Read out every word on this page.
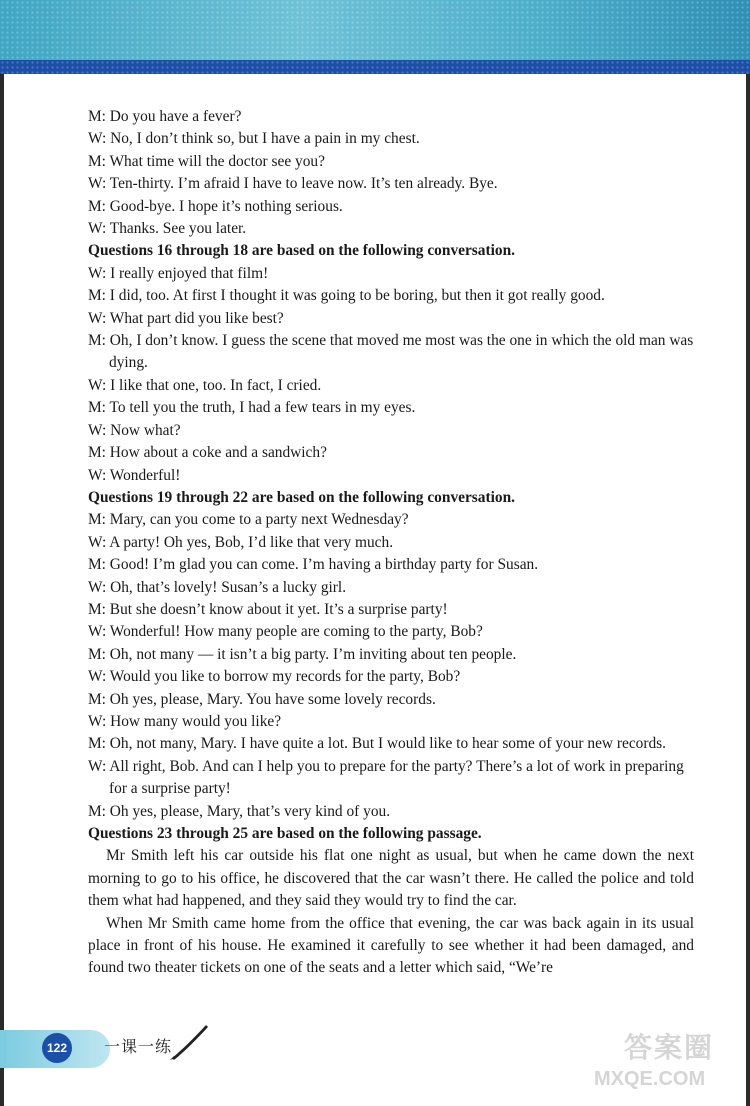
M: Do you have a fever?
W: No, I don’t think so, but I have a pain in my chest.
M: What time will the doctor see you?
W: Ten-thirty. I’m afraid I have to leave now. It’s ten already. Bye.
M: Good-bye. I hope it’s nothing serious.
W: Thanks. See you later.
Questions 16 through 18 are based on the following conversation.
W: I really enjoyed that film!
M: I did, too. At first I thought it was going to be boring, but then it got really good.
W: What part did you like best?
M: Oh, I don’t know. I guess the scene that moved me most was the one in which the old man was dying.
W: I like that one, too. In fact, I cried.
M: To tell you the truth, I had a few tears in my eyes.
W: Now what?
M: How about a coke and a sandwich?
W: Wonderful!
Questions 19 through 22 are based on the following conversation.
M: Mary, can you come to a party next Wednesday?
W: A party! Oh yes, Bob, I’d like that very much.
M: Good! I’m glad you can come. I’m having a birthday party for Susan.
W: Oh, that’s lovely! Susan’s a lucky girl.
M: But she doesn’t know about it yet. It’s a surprise party!
W: Wonderful! How many people are coming to the party, Bob?
M: Oh, not many — it isn’t a big party. I’m inviting about ten people.
W: Would you like to borrow my records for the party, Bob?
M: Oh yes, please, Mary. You have some lovely records.
W: How many would you like?
M: Oh, not many, Mary. I have quite a lot. But I would like to hear some of your new records.
W: All right, Bob. And can I help you to prepare for the party? There’s a lot of work in preparing for a surprise party!
M: Oh yes, please, Mary, that’s very kind of you.
Questions 23 through 25 are based on the following passage.
Mr Smith left his car outside his flat one night as usual, but when he came down the next morning to go to his office, he discovered that the car wasn’t there. He called the police and told them what had happened, and they said they would try to find the car.
When Mr Smith came home from the office that evening, the car was back again in its usual place in front of his house. He examined it carefully to see whether it had been damaged, and found two theater tickets on one of the seats and a letter which said, “We’re
122	一课一练	答案圈
MXQE.COM
